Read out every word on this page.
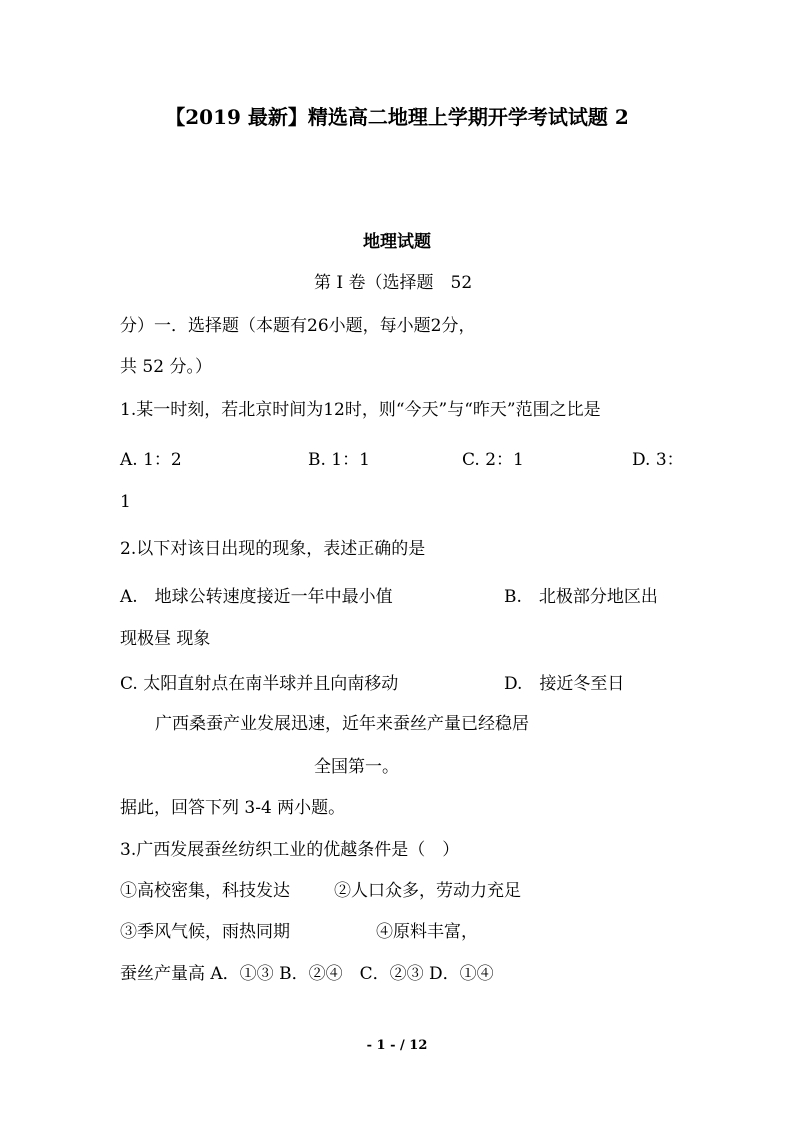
【2019 最新】精选高二地理上学期开学考试试题 2
地理试题
第 I 卷（选择题　52
分）一．选择题（本题有26小题，每小题2分，
共 52 分。）
1.某一时刻，若北京时间为12时，则“今天”与“昨天”范围之比是
A. 1：2	B. 1：1	C. 2：1	D. 3：
1
2.以下对该日出现的现象，表述正确的是
A.　地球公转速度接近一年中最小值	B.　北极部分地区出
现极昼 现象
C. 太阳直射点在南半球并且向南移动	D.　接近冬至日
广西桑蚕产业发展迅速，近年来蚕丝产量已经稳居
全国第一。
据此，回答下列 3-4 两小题。
3.广西发展蚕丝纺织工业的优越条件是（　）
①高校密集，科技发达	②人口众多，劳动力充足
③季风气候，雨热同期	④原料丰富，
蚕丝产量高 A．①③ B．②④　C．②③ D．①④
- 1 - / 12
